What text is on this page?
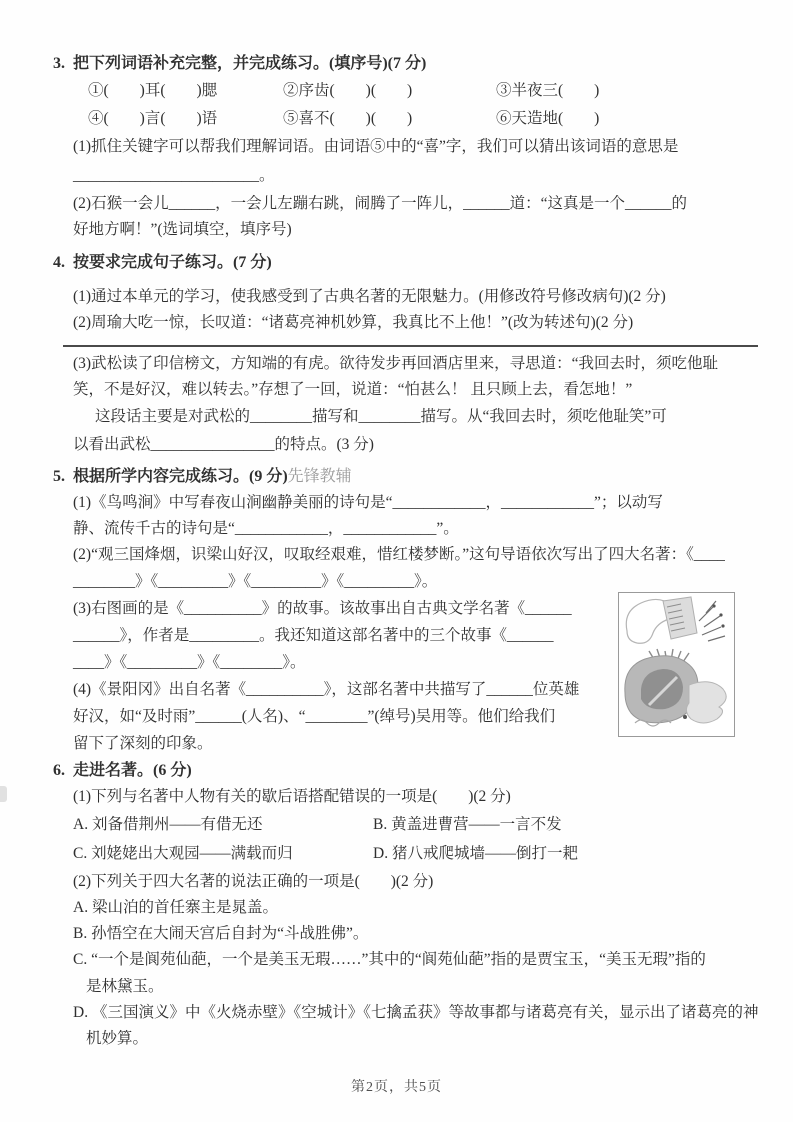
3. 把下列词语补充完整，并完成练习。(填序号)(7 分)
①(　　)耳(　　)腮	②序齿(　　)(　　)	③半夜三(　　)
④(　　)言(　　)语	⑤喜不(　　)(　　)	⑥天造地(　　)
(1)抓住关键字可以帮我们理解词语。由词语⑤中的“喜”字，我们可以猜出该词语的意思是
________________________。
(2)石猴一会儿______，一会儿左蹦右跳，闹腾了一阵儿，______道：“这真是一个______的
好地方啊！”(选词填空，填序号)
4. 按要求完成句子练习。(7 分)
(1)通过本单元的学习，使我感受到了古典名著的无限魅力。(用修改符号修改病句)(2 分)
(2)周瑜大吃一惊，长叹道：“诸葛亮神机妙算，我真比不上他！”(改为转述句)(2 分)
(3)武松读了印信榜文，方知端的有虎。欲待发步再回酒店里来，寻思道：“我回去时，须吃他耻
笑，不是好汉，难以转去。”存想了一回，说道：“怕甚么！ 且只顾上去，看怎地！”
这段话主要是对武松的________描写和________描写。从“我回去时，须吃他耻笑”可
以看出武松________________的特点。(3 分)
5. 根据所学内容完成练习。(9 分)先锋教辅
(1)《鸟鸣涧》中写春夜山涧幽静美丽的诗句是“____________，____________”；以动写
静、流传千古的诗句是“____________，____________”。
(2)“观三国烽烟，识梁山好汉，叹取经艰难，惜红楼梦断。”这句导语依次写出了四大名著：《____
________》《_________》《_________》《_________》。
(3)右图画的是《__________》的故事。该故事出自古典文学名著《______
______》，作者是_________。我还知道这部名著中的三个故事《______
____》《_________》《________》。
(4)《景阳冈》出自名著《__________》，这部名著中共描写了______位英雄
好汉，如“及时雨”______(人名)、“________”(绰号)吴用等。他们给我们
留下了深刻的印象。
6. 走进名著。(6 分)
(1)下列与名著中人物有关的歇后语搭配错误的一项是(　　)(2 分)
A. 刘备借荆州——有借无还	B. 黄盖进曹营——一言不发
C. 刘姥姥出大观园——满载而归	D. 猪八戒爬城墙——倒打一耙
(2)下列关于四大名著的说法正确的一项是(　　)(2 分)
A. 梁山泊的首任寨主是晁盖。
B. 孙悟空在大闹天宫后自封为“斗战胜佛”。
C. “一个是阆苑仙葩，一个是美玉无瑕……”其中的“阆苑仙葩”指的是贾宝玉，“美玉无瑕”指的
是林黛玉。
D. 《三国演义》中《火烧赤壁》《空城计》《七擒孟获》等故事都与诸葛亮有关，显示出了诸葛亮的神
机妙算。
第2页，共5页
